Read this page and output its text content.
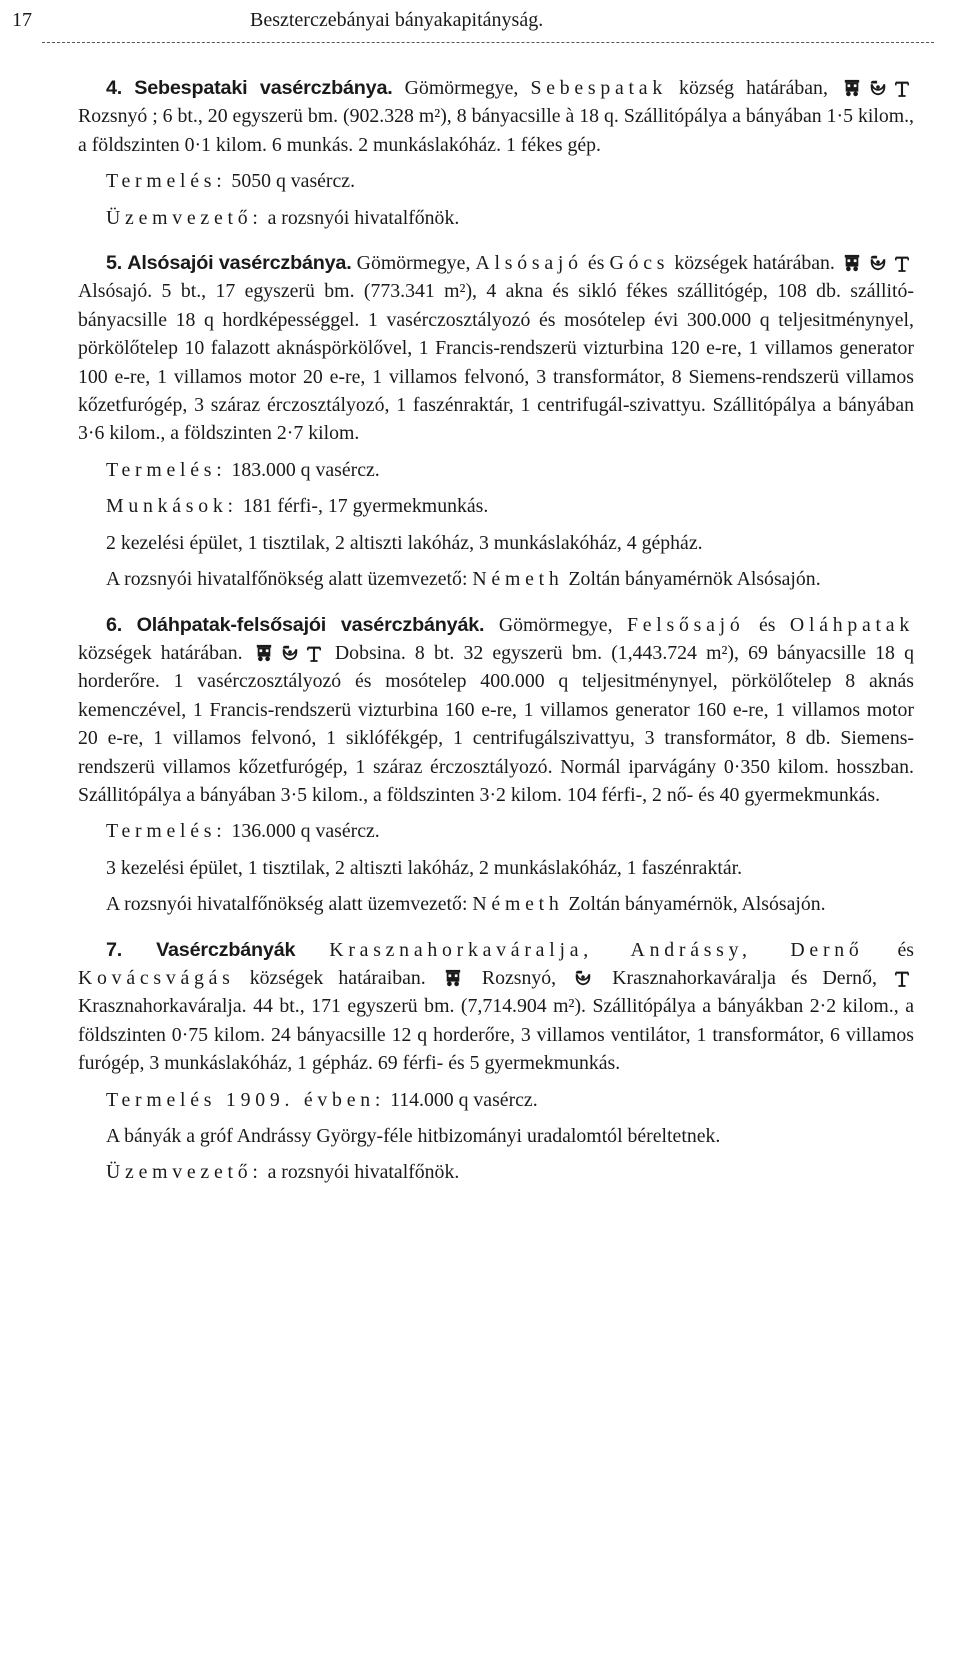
17	Beszterczebányai bányakapitányság.

4. Sebespataki vasérczbánya. Gömörmegye, Sebespatak község határában,  Rozsnyó ; 6 bt., 20 egyszerü bm. (902.328 m²), 8 bányacsille à 18 q. Szállitópálya a bányában 1·5 kilom., a földszinten 0·1 kilom. 6 munkás. 2 munkáslakóház. 1 fékes gép.

Termelés: 5050 q vasércz.

Üzemvezető: a rozsnyói hivatalfőnök.

5. Alsósajói vasérczbánya. Gömörmegye, Alsósajó és Gócs községek határában.  Alsósajó. 5 bt., 17 egyszerü bm. (773.341 m²), 4 akna és sikló fékes szállitógép, 108 db. szállitó-bányacsille 18 q hordképességgel. 1 vasérczosztályozó és mosótelep évi 300.000 q teljesitménynyel, pörkölőtelep 10 falazott aknáspörkölővel, 1 Francis-rendszerü vizturbina 120 e-re, 1 villamos generator 100 e-re, 1 villamos motor 20 e-re, 1 villamos felvonó, 3 transformátor, 8 Siemens-rendszerü villamos kőzetfurógép, 3 száraz érczosztályozó, 1 faszénraktár, 1 centrifugál-szivattyu. Szállitópálya a bányában 3·6 kilom., a földszinten 2·7 kilom.

Termelés: 183.000 q vasércz.

Munkások: 181 férfi-, 17 gyermekmunkás.

2 kezelési épület, 1 tisztilak, 2 altiszti lakóház, 3 munkáslakóház, 4 gépház.

A rozsnyói hivatalfőnökség alatt üzemvezető: Németh Zoltán bányamérnök Alsósajón.

6. Oláhpatak-felsősajói vasérczbányák. Gömörmegye, Felsősajó és Oláhpatak községek határában.	Dobsina. 8 bt. 32 egyszerü bm. (1,443.724 m²), 69 bányacsille 18 q horderőre. 1 vasérczosztályozó és mosótelep 400.000 q teljesitménynyel, pörkölőtelep 8 aknás kemenczével, 1 Francis-rendszerü vizturbina 160 e-re, 1 villamos generator 160 e-re, 1 villamos motor 20 e-re, 1 villamos felvonó, 1 siklófékgép, 1 centrifugálszivattyu, 3 transformátor, 8 db. Siemens-rendszerü villamos kőzetfurógép, 1 száraz érczosztályozó. Normál iparvágány 0·350 kilom. hosszban. Szállitópálya a bányában 3·5 kilom., a földszinten 3·2 kilom. 104 férfi-, 2 nő- és 40 gyermekmunkás.

Termelés: 136.000 q vasércz.

3 kezelési épület, 1 tisztilak, 2 altiszti lakóház, 2 munkáslakóház, 1 faszénraktár.

A rozsnyói hivatalfőnökség alatt üzemvezető: Németh Zoltán bányamérnök, Alsósajón.

7. Vasérczbányák Krasznahorkaváralja, Andrássy, Dernő és Kovácsvágás községek határaiban.  Rozsnyó,  Krasznahorkaváralja és Dernő,  Krasznahorkaváralja. 44 bt., 171 egyszerü bm. (7,714.904 m²). Szállitópálya a bányákban 2·2 kilom., a földszinten 0·75 kilom. 24 bányacsille 12 q horderőre, 3 villamos ventilátor, 1 transformátor, 6 villamos furógép, 3 munkáslakóház, 1 gépház. 69 férfi- és 5 gyermekmunkás.

Termelés 1909. évben: 114.000 q vasércz.

A bányák a gróf Andrássy György-féle hitbizományi uradalomtól béreltetnek.

Üzemvezető: a rozsnyói hivatalfőnök.
